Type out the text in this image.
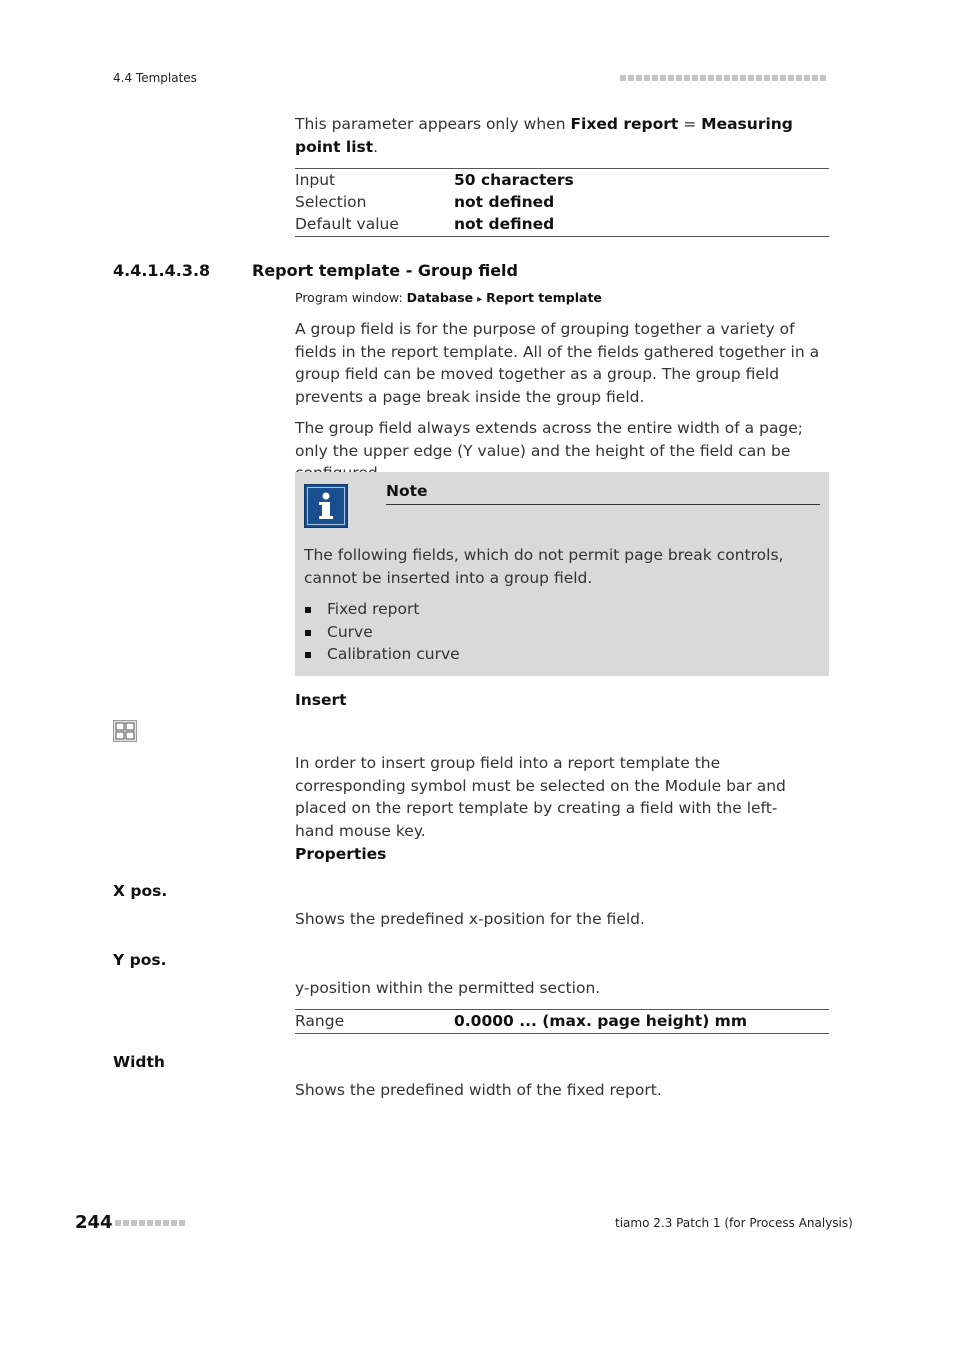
4.4 Templates
This parameter appears only when Fixed report = Measuring point list.
Input	50 characters
Selection	not defined
Default value	not defined
4.4.1.4.3.8	Report template - Group field
Program window: Database ▸ Report template
A group field is for the purpose of grouping together a variety of fields in the report template. All of the fields gathered together in a group field can be moved together as a group. The group field prevents a page break inside the group field.
The group field always extends across the entire width of a page; only the upper edge (Y value) and the height of the field can be
Note
The following fields, which do not permit page break controls, cannot be inserted into a group field.
Fixed report
Curve
Calibration curve
Insert
In order to insert group field into a report template the corresponding symbol must be selected on the Module bar and placed on the report template by creating a field with the left-hand mouse key.
Properties
X pos.
Shows the predefined x-position for the field.
Y pos.
y-position within the permitted section.
Range	0.0000 ... (max. page height) mm
Width
Shows the predefined width of the fixed report.
244	tiamo 2.3 Patch 1 (for Process Analysis)
